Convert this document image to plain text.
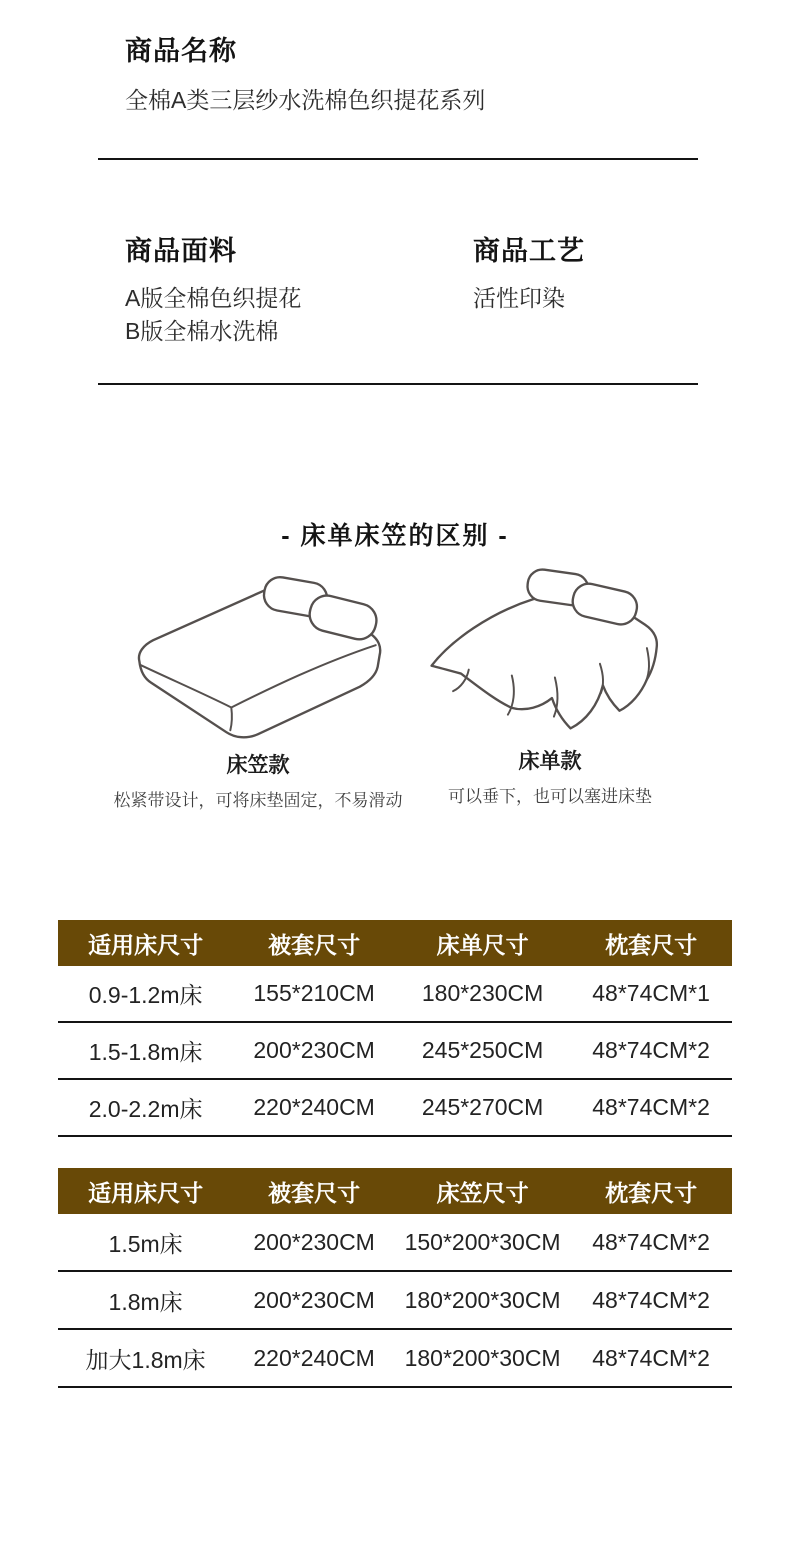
商品名称
全棉A类三层纱水洗棉色织提花系列
商品面料
A版全棉色织提花
B版全棉水洗棉
商品工艺
活性印染
- 床单床笠的区别 -
床笠款
松紧带设计，可将床垫固定，不易滑动
床单款
可以垂下，也可以塞进床垫
适用床尺寸	被套尺寸	床单尺寸	枕套尺寸
0.9-1.2m床	155*210CM	180*230CM	48*74CM*1
1.5-1.8m床	200*230CM	245*250CM	48*74CM*2
2.0-2.2m床	220*240CM	245*270CM	48*74CM*2
适用床尺寸	被套尺寸	床笠尺寸	枕套尺寸
1.5m床	200*230CM	150*200*30CM	48*74CM*2
1.8m床	200*230CM	180*200*30CM	48*74CM*2
加大1.8m床	220*240CM	180*200*30CM	48*74CM*2
